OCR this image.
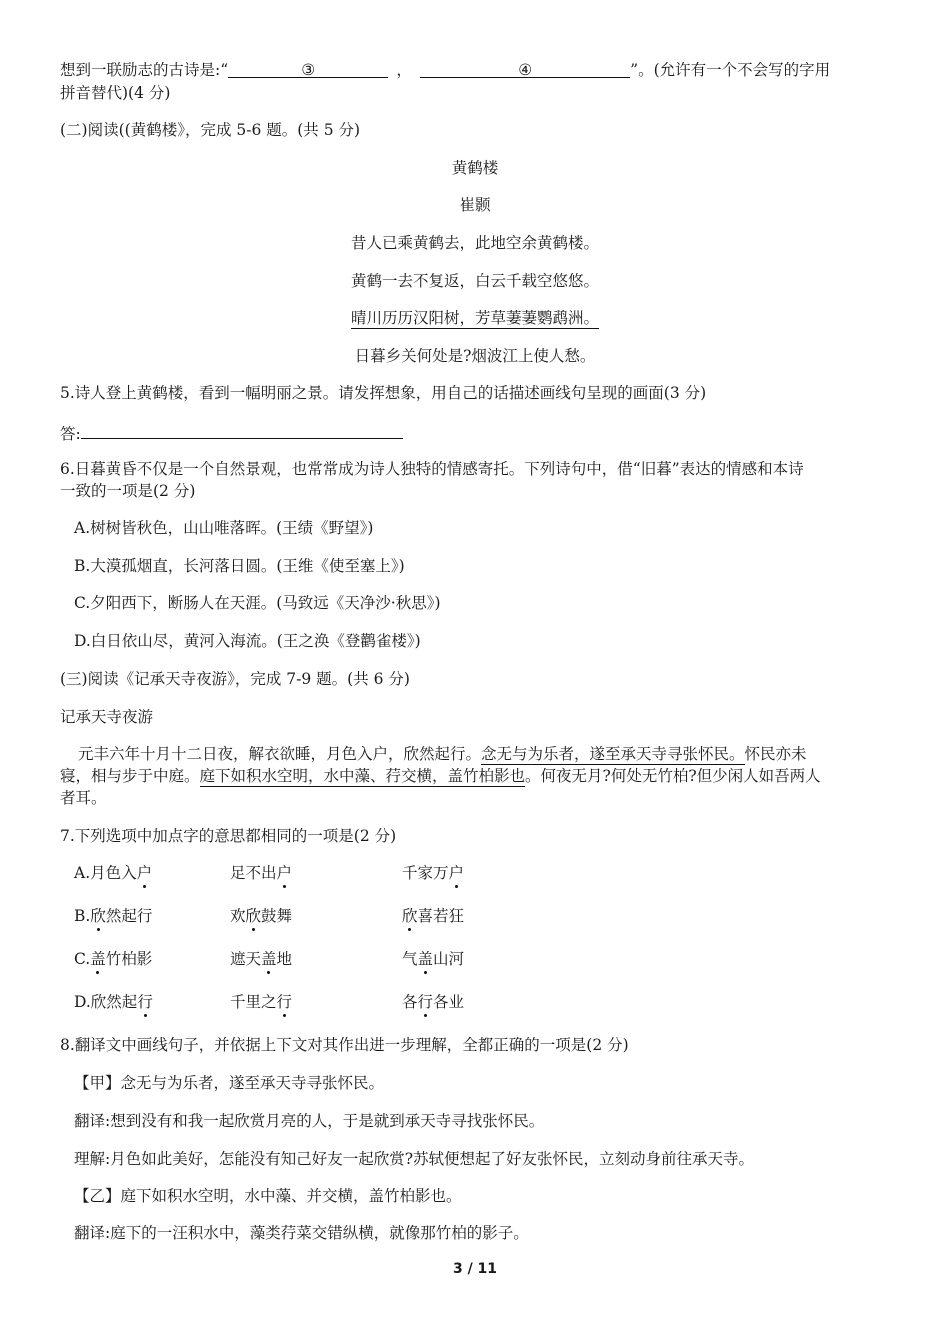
想到一联励志的古诗是:“	③	，	④	”。(允许有一个不会写的字用
拼音替代)(4 分)
(二)阅读((黄鹤楼》，完成 5-6 题。(共 5 分)
黄鹤楼
崔颢
昔人已乘黄鹤去，此地空余黄鹤楼。
黄鹤一去不复返，白云千载空悠悠。
晴川历历汉阳树，芳草萋萋鹦鹉洲。
日暮乡关何处是?烟波江上使人愁。
5.诗人登上黄鹤楼，看到一幅明丽之景。请发挥想象，用自己的话描述画线句呈现的画面(3 分)
答:
6.日暮黄昏不仅是一个自然景观，也常常成为诗人独特的情感寄托。下列诗句中，借“旧暮”表达的情感和本诗
一致的一项是(2 分)
A.树树皆秋色，山山唯落晖。(王绩《野望》)
B.大漠孤烟直，长河落日圆。(王维《使至塞上》)
C.夕阳西下，断肠人在天涯。(马致远《天净沙·秋思》)
D.白日依山尽，黄河入海流。(王之涣《登鹳雀楼》)
(三)阅读《记承天寺夜游》，完成 7-9 题。(共 6 分)
记承天寺夜游
元丰六年十月十二日夜，解衣欲睡，月色入户，欣然起行。念无与为乐者，遂至承天寺寻张怀民。怀民亦未
寝，相与步于中庭。庭下如积水空明，水中藻、荇交横，盖竹柏影也。何夜无月?何处无竹柏?但少闲人如吾两人
者耳。
7.下列选项中加点字的意思都相同的一项是(2 分)
A.月色入户	足不出户	千家万户
B.欣然起行	欢欣鼓舞	欣喜若狂
C.盖竹柏影	遮天盖地	气盖山河
D.欣然起行	千里之行	各行各业
8.翻译文中画线句子，并依据上下文对其作出进一步理解，全都正确的一项是(2 分)
【甲】念无与为乐者，遂至承天寺寻张怀民。
翻译:想到没有和我一起欣赏月亮的人，于是就到承天寺寻找张怀民。
理解:月色如此美好，怎能没有知己好友一起欣赏?苏轼便想起了好友张怀民，立刻动身前往承天寺。
【乙】庭下如积水空明，水中藻、并交横，盖竹柏影也。
翻译:庭下的一汪积水中，藻类荇菜交错纵横，就像那竹柏的影子。
3 / 11
